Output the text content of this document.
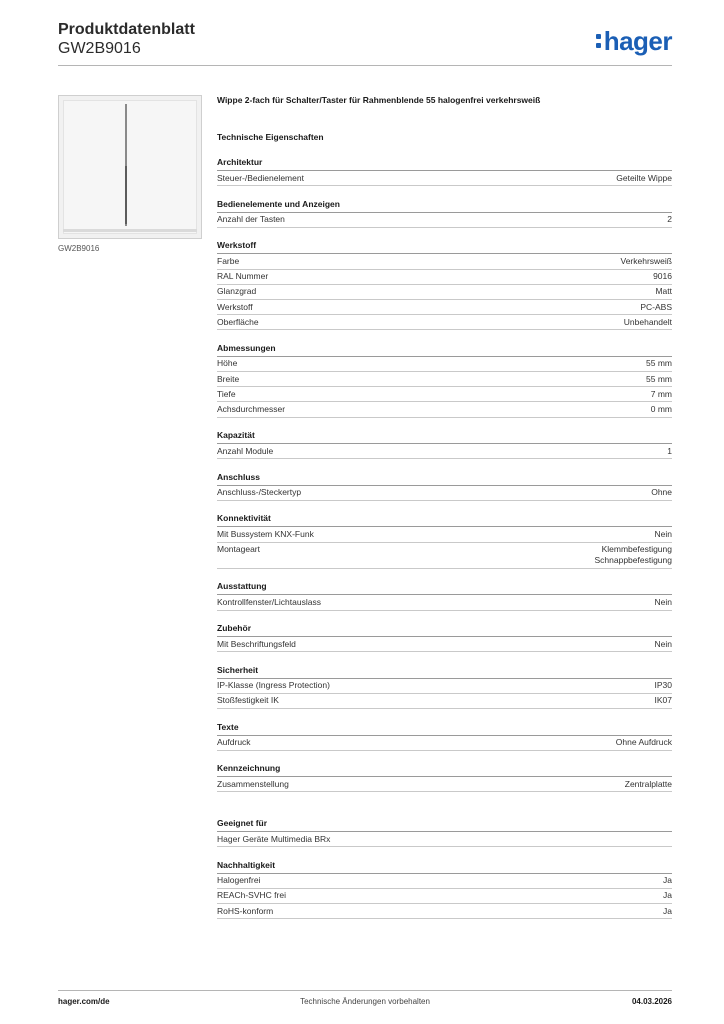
Produktdatenblatt
GW2B9016	hager
GW2B9016
Wippe 2-fach für Schalter/Taster für Rahmenblende 55 halogenfrei verkehrsweiß
Technische Eigenschaften
Architektur
Steuer-/Bedienelement	Geteilte Wippe
Bedienelemente und Anzeigen
Anzahl der Tasten	2
Werkstoff
Farbe	Verkehrsweiß
RAL Nummer	9016
Glanzgrad	Matt
Werkstoff	PC-ABS
Oberfläche	Unbehandelt
Abmessungen
Höhe	55 mm
Breite	55 mm
Tiefe	7 mm
Achsdurchmesser	0 mm
Kapazität
Anzahl Module	1
Anschluss
Anschluss-/Steckertyp	Ohne
Konnektivität
Mit Bussystem KNX-Funk	Nein
Montageart	Klemmbefestigung
Schnappbefestigung
Ausstattung
Kontrollfenster/Lichtauslass	Nein
Zubehör
Mit Beschriftungsfeld	Nein
Sicherheit
IP-Klasse (Ingress Protection)	IP30
Stoßfestigkeit IK	IK07
Texte
Aufdruck	Ohne Aufdruck
Kennzeichnung
Zusammenstellung	Zentralplatte
Geeignet für
Hager Geräte Multimedia BRx
Nachhaltigkeit
Halogenfrei	Ja
REACh-SVHC frei	Ja
RoHS-konform	Ja
hager.com/de	Technische Änderungen vorbehalten	04.03.2026
